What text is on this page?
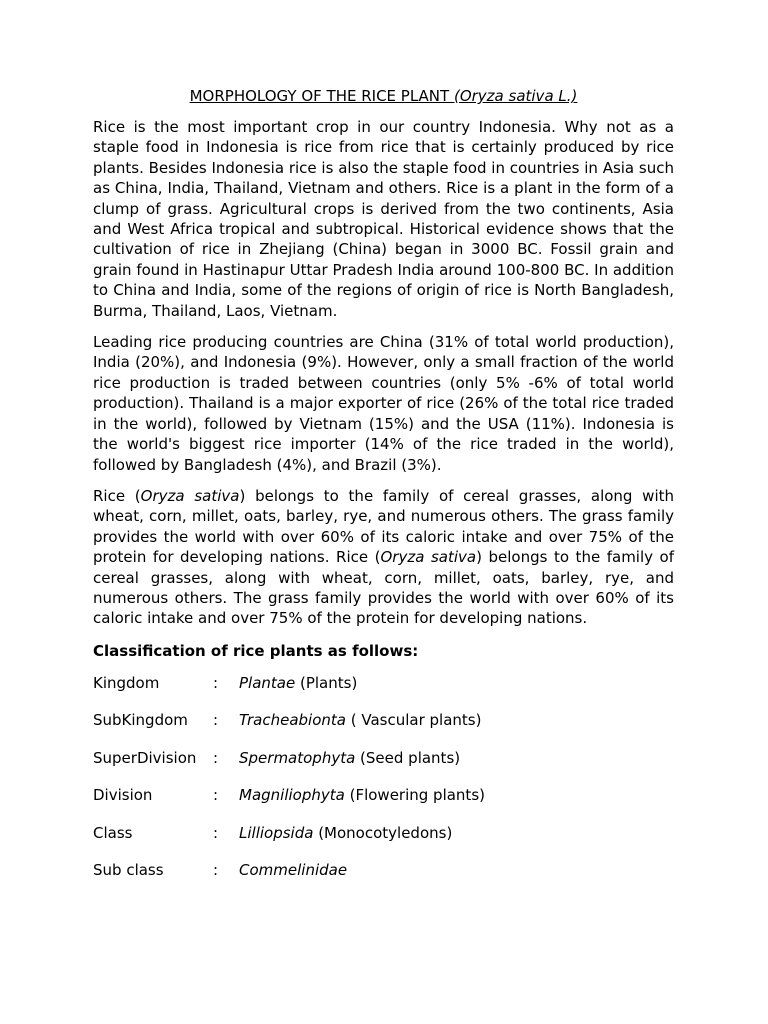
MORPHOLOGY OF THE RICE PLANT (Oryza sativa L.)

Rice is the most important crop in our country Indonesia. Why not as a staple food in Indonesia is rice from rice that is certainly produced by rice plants. Besides Indonesia rice is also the staple food in countries in Asia such as China, India, Thailand, Vietnam and others. Rice is a plant in the form of a clump of grass. Agricultural crops is derived from the two continents, Asia and West Africa tropical and subtropical. Historical evidence shows that the cultivation of rice in Zhejiang (China) began in 3000 BC. Fossil grain and grain found in Hastinapur Uttar Pradesh India around 100-800 BC. In addition to China and India, some of the regions of origin of rice is North Bangladesh, Burma, Thailand, Laos, Vietnam.

Leading rice producing countries are China (31% of total world production), India (20%), and Indonesia (9%). However, only a small fraction of the world rice production is traded between countries (only 5% -6% of total world production). Thailand is a major exporter of rice (26% of the total rice traded in the world), followed by Vietnam (15%) and the USA (11%). Indonesia is the world's biggest rice importer (14% of the rice traded in the world), followed by Bangladesh (4%), and Brazil (3%).

Rice (Oryza sativa) belongs to the family of cereal grasses, along with wheat, corn, millet, oats, barley, rye, and numerous others. The grass family provides the world with over 60% of its caloric intake and over 75% of the protein for developing nations. Rice (Oryza sativa) belongs to the family of cereal grasses, along with wheat, corn, millet, oats, barley, rye, and numerous others. The grass family provides the world with over 60% of its caloric intake and over 75% of the protein for developing nations.

Classification of rice plants as follows:
Kingdom	:	Plantae (Plants)
SubKingdom	:	Tracheabionta ( Vascular plants)
SuperDivision	:	Spermatophyta (Seed plants)
Division	:	Magniliophyta (Flowering plants)
Class	:	Lilliopsida (Monocotyledons)
Sub class	:	Commelinidae
